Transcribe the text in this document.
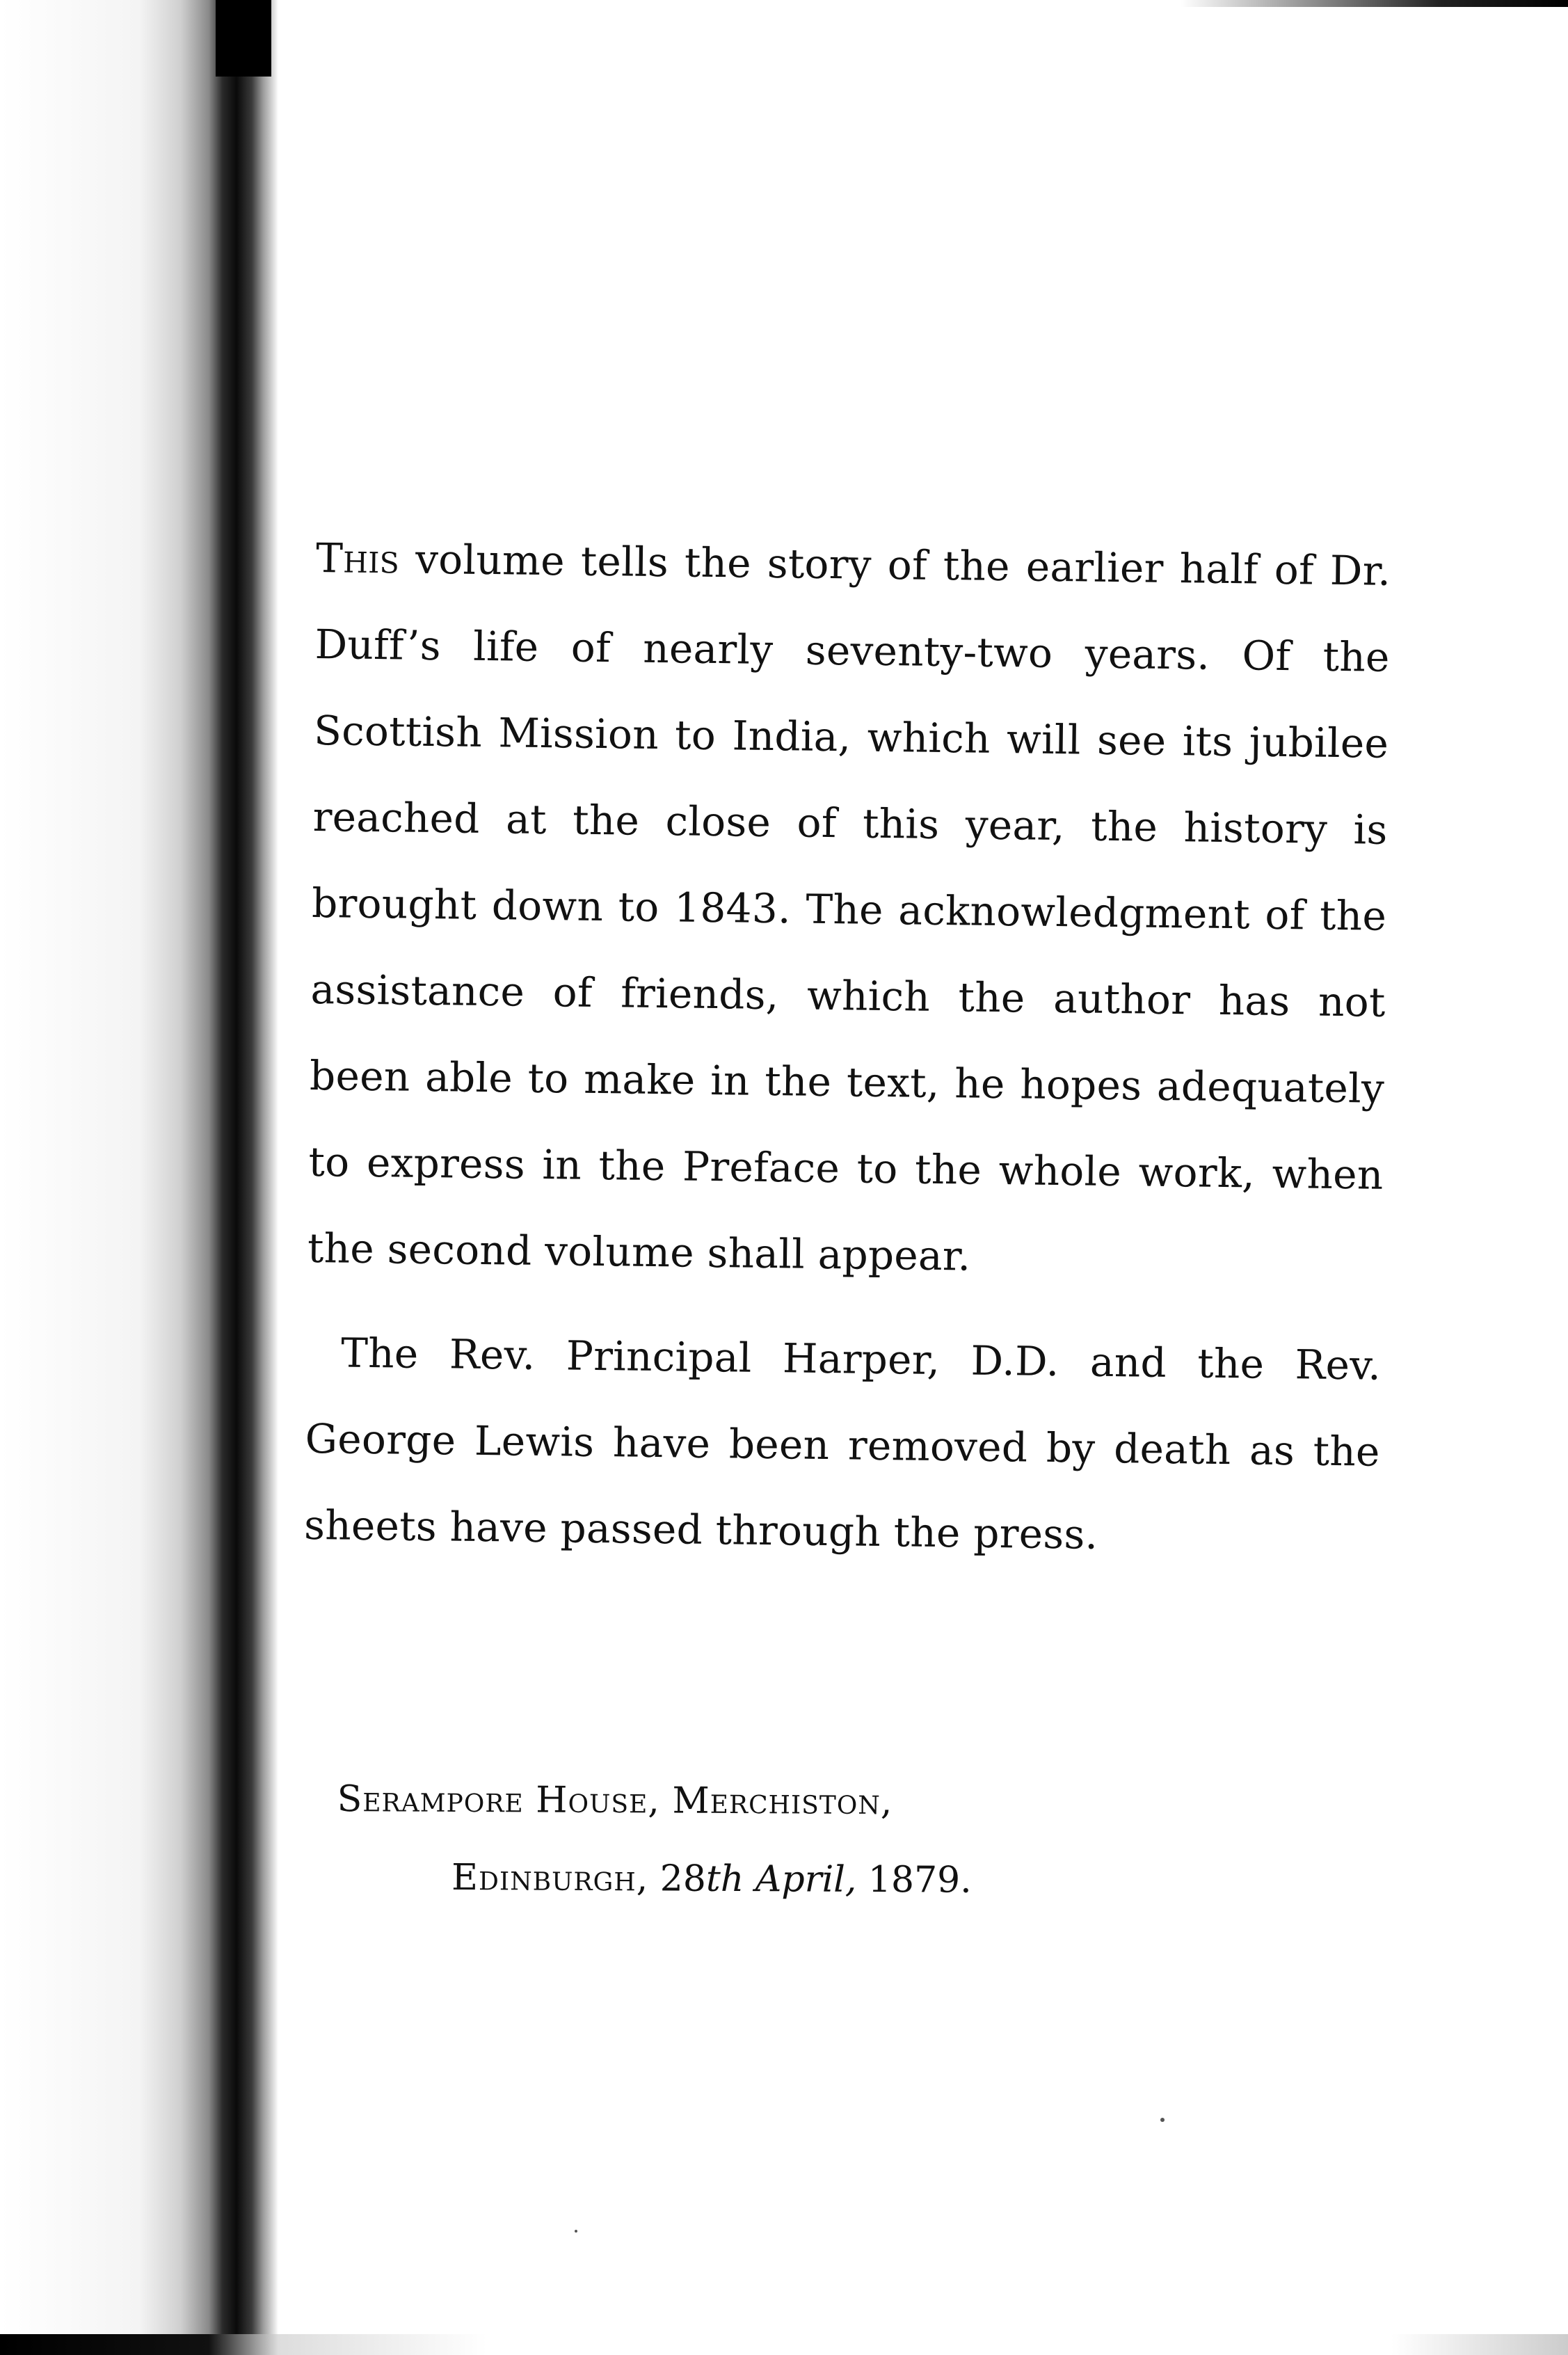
This volume tells the story of the earlier half of Dr. Duff’s life of nearly seventy-two years. Of the Scottish Mission to India, which will see its jubilee reached at the close of this year, the history is brought down to 1843. The acknowledgment of the assistance of friends, which the author has not been able to make in the text, he hopes adequately to express in the Preface to the whole work, when the second volume shall appear.

The Rev. Principal Harper, D.D. and the Rev. George Lewis have been removed by death as the sheets have passed through the press.

Serampore House, Merchiston,
Edinburgh, 28th April, 1879.
